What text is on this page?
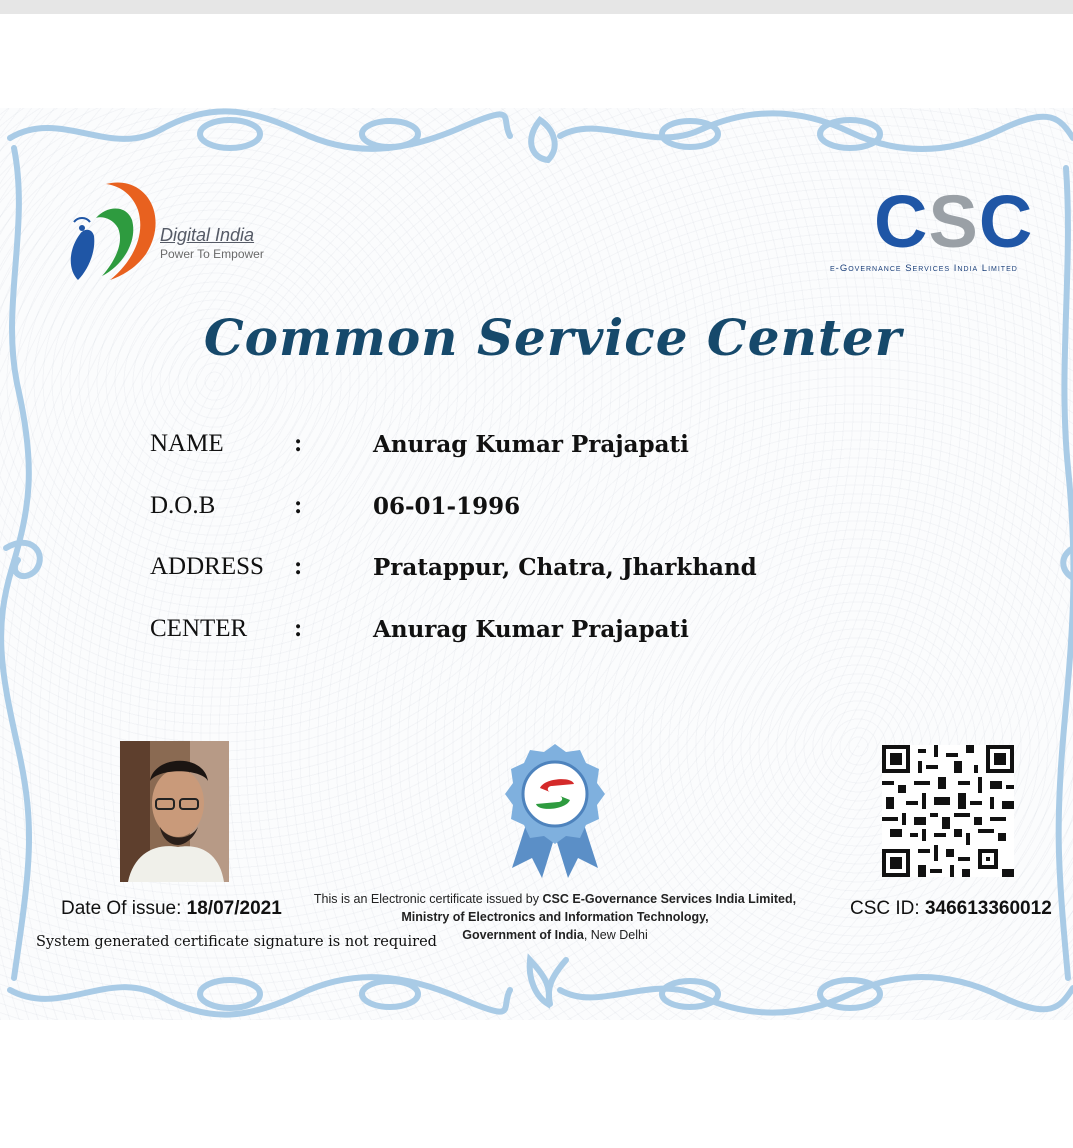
Digital India
Power To Empower	CSC
e-Governance Services India Limited
Common Service Center
NAME	:	Anurag Kumar Prajapati
D.O.B	:	06-01-1996
ADDRESS :	Pratappur, Chatra, Jharkhand
CENTER :	Anurag Kumar Prajapati
Date Of issue: 18/07/2021
System generated certificate signature is not required
This is an Electronic certificate issued by CSC E-Governance Services India Limited,
Ministry of Electronics and Information Technology,
Government of India, New Delhi
CSC ID: 346613360012
